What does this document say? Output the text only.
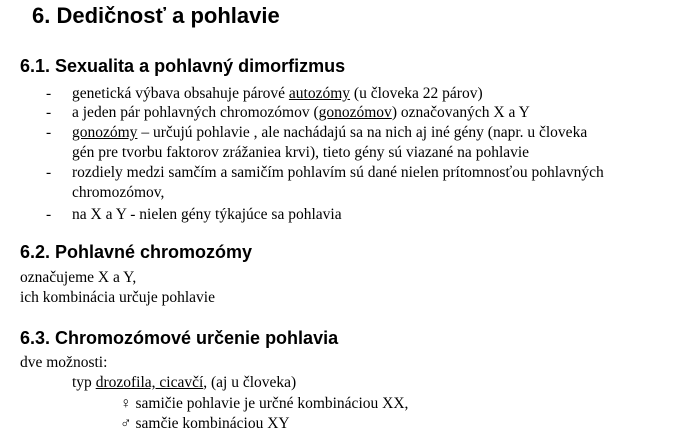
6. Dedičnosť a pohlavie
6.1. Sexualita a pohlavný dimorfizmus
- genetická výbava obsahuje párové autozómy (u človeka 22 párov)
- a jeden pár pohlavných chromozómov (gonozómov) označovaných X a Y
- gonozómy – určujú pohlavie , ale nachádajú sa na nich aj iné gény (napr. u človeka
gén pre tvorbu faktorov zrážaniea krvi), tieto gény sú viazané na pohlavie
- rozdiely medzi samčím a samičím pohlavím sú dané nielen prítomnosťou pohlavných
chromozómov,
- na X a Y - nielen gény týkajúce sa pohlavia
6.2. Pohlavné chromozómy
označujeme X a Y,
ich kombinácia určuje pohlavie
6.3. Chromozómové určenie pohlavia
dve možnosti:
typ drozofila, cicavčí, (aj u človeka)
♀ samičie pohlavie je určné kombináciou XX,
♂ samčie kombináciou XY
